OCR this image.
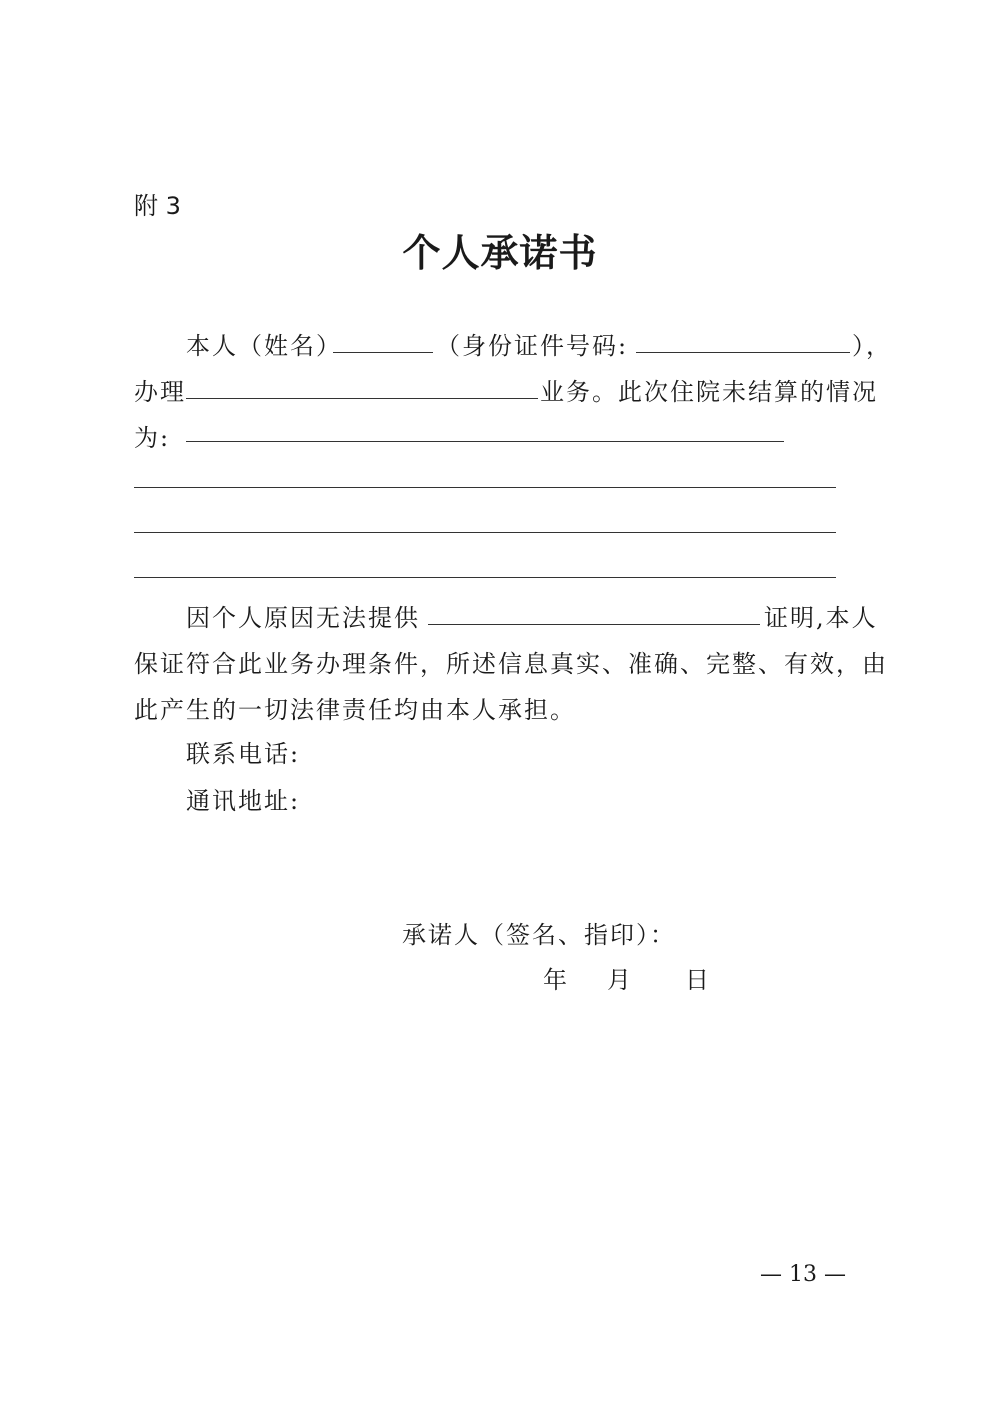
附 3
个人承诺书
本人（姓名）	（身份证件号码:	），
办理	业务。此次住院未结算的情况
为:
因个人原因无法提供	证明,本人
保证符合此业务办理条件，所述信息真实、准确、完整、有效，由
此产生的一切法律责任均由本人承担。
联系电话:
通讯地址:
承诺人（签名、指印）：
年 月 日
— 13 —
